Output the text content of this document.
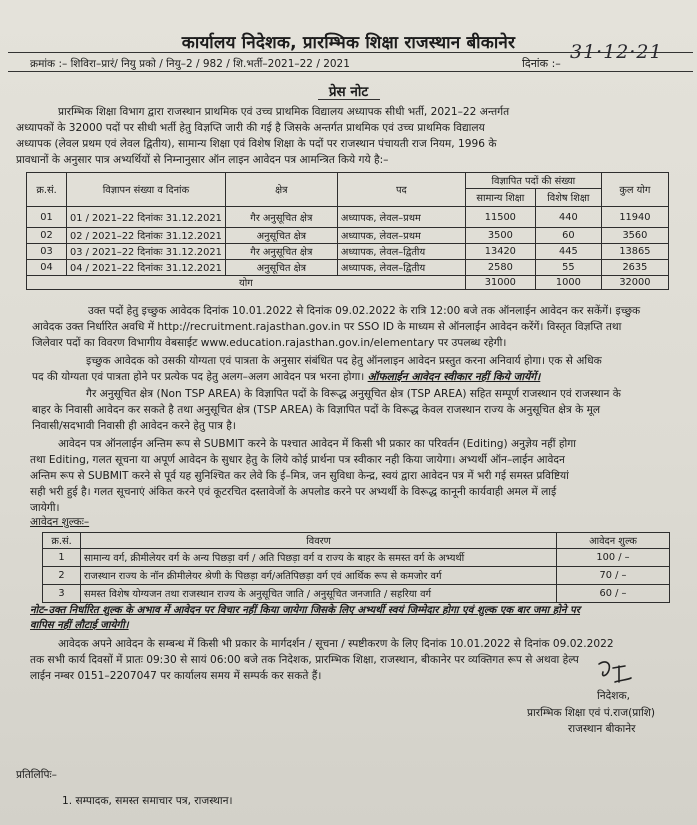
कार्यालय निदेशक, प्रारम्भिक शिक्षा राजस्थान बीकानेर
क्रमांक :– शिविरा–प्रारं/ नियु प्रको / नियु–2 / 982 / शि.भर्ती–2021–22 / 2021	दिनांक :–
31·12·21
प्रेस नोट
प्रारम्भिक शिक्षा विभाग द्वारा राजस्थान प्राथमिक एवं उच्च प्राथमिक विद्यालय अध्यापक सीधी भर्ती, 2021–22 अन्तर्गत
अध्यापकों के 32000 पदों पर सीधी भर्ती हेतु विज्ञप्ति जारी की गई है जिसके अन्तर्गत प्राथमिक एवं उच्च प्राथमिक विद्यालय
अध्यापक (लेवल प्रथम एवं लेवल द्वितीय), सामान्य शिक्षा एवं विशेष शिक्षा के पदों पर राजस्थान पंचायती राज नियम, 1996 के
प्रावधानों के अनुसार पात्र अभ्यर्थियों से निम्नानुसार ऑन लाइन आवेदन पत्र आमन्त्रित किये गये है:–
क्र.सं.	विज्ञापन संख्या व दिनांक	क्षेत्र	पद	विज्ञापित पदों की संख्या		कुल योग
				सामान्य शिक्षा	विशेष शिक्षा	
01	01 / 2021–22 दिनांकः 31.12.2021	गैर अनुसूचित क्षेत्र	अध्यापक, लेवल–प्रथम	11500	440	11940
02	02 / 2021–22 दिनांकः 31.12.2021	अनुसूचित क्षेत्र	अध्यापक, लेवल–प्रथम	3500	60	3560
03	03 / 2021–22 दिनांकः 31.12.2021	गैर अनुसूचित क्षेत्र	अध्यापक, लेवल–द्वितीय	13420	445	13865
04	04 / 2021–22 दिनांकः 31.12.2021	अनुसूचित क्षेत्र	अध्यापक, लेवल–द्वितीय	2580	55	2635
योग				31000	1000	32000
उक्त पदों हेतु इच्छुक आवेदक दिनांक 10.01.2022 से दिनांक 09.02.2022 के रात्रि 12:00 बजे तक ऑनलाईन आवेदन कर सकेंगें। इच्छुक
आवेदक उक्त निर्धारित अवधि में http://recruitment.rajasthan.gov.in पर SSO ID के माध्यम से ऑनलाईन आवेदन करेंगें। विस्तृत विज्ञप्ति तथा
जिलेवार पदों का विवरण विभागीय वेबसाईट www.education.rajasthan.gov.in/elementary पर उपलब्ध रहेगी।
इच्छुक आवेदक को उसकी योग्यता एवं पात्रता के अनुसार संबंधित पद हेतु ऑनलाइन आवेदन प्रस्तुत करना अनिवार्य होगा। एक से अधिक
पद की योग्यता एवं पात्रता होने पर प्रत्येक पद हेतु अलग–अलग आवेदन पत्र भरना होगा। ऑफलाईन आवेदन स्वीकार नहीं किये जायेंगें।
गैर अनुसूचित क्षेत्र (Non TSP AREA) के विज्ञापित पदों के विरूद्ध अनुसूचित क्षेत्र (TSP AREA) सहित सम्पूर्ण राजस्थान एवं राजस्थान के
बाहर के निवासी आवेदन कर सकते है तथा अनुसूचित क्षेत्र (TSP AREA) के विज्ञापित पदों के विरूद्ध केवल राजस्थान राज्य के अनुसूचित क्षेत्र के मूल
निवासी/सदभावी निवासी ही आवेदन करने हेतु पात्र है।
आवेदन पत्र ऑनलाईन अन्तिम रूप से SUBMIT करने के पश्चात आवेदन में किसी भी प्रकार का परिवर्तन (Editing) अनुज्ञेय नहीं होगा
तथा Editing, गलत सूचना या अपूर्ण आवेदन के सुधार हेतु के लिये कोई प्रार्थना पत्र स्वीकार नही किया जायेगा। अभ्यर्थी ऑन–लाईन आवेदन
अन्तिम रूप से SUBMIT करने से पूर्व यह सुनिश्चित कर लेवे कि ई–मित्र, जन सुविधा केन्द्र, स्वयं द्वारा आवेदन पत्र में भरी गई समस्त प्रविष्टियां
सही भरी हुई है। गलत सूचनाएं अंकित करने एवं कूटरचित दस्तावेजों के अपलोड करने पर अभ्यर्थी के विरूद्ध कानूनी कार्यवाही अमल में लाई
जायेगी।
आवेदन शुल्कः–
क्र.सं.	विवरण	आवेदन शुल्क
1	सामान्य वर्ग, क्रीमीलेयर वर्ग के अन्य पिछड़ा वर्ग / अति पिछड़ा वर्ग व राज्य के बाहर के समस्त वर्ग के अभ्यर्थी	100 / –
2	राजस्थान राज्य के नॉन क्रीमीलेयर श्रेणी के पिछड़ा वर्ग/अतिपिछड़ा वर्ग एवं आर्थिक रूप से कमजोर वर्ग	70 / –
3	समस्त विशेष योग्यजन तथा राजस्थान राज्य के अनुसूचित जाति / अनुसूचित जनजाति / सहरिया वर्ग	60 / –
नोट–उक्त निर्धारित शुल्क के अभाव में आवेदन पर विचार नहीं किया जायेगा जिसके लिए अभ्यर्थी स्वयं जिम्मेदार होगा एवं शुल्क एक बार जमा होने पर
वापिस नहीं लौटाई जायेगी।
आवेदक अपने आवेदन के सम्बन्ध में किसी भी प्रकार के मार्गदर्शन / सूचना / स्पष्टीकरण के लिए दिनांक 10.01.2022 से दिनांक 09.02.2022
तक सभी कार्य दिवसों में प्रातः 09:30 से सायं 06:00 बजे तक निदेशक, प्रारम्भिक शिक्षा, राजस्थान, बीकानेर पर व्यक्तिगत रूप से अथवा हेल्प
लाईन नम्बर 0151–2207047 पर कार्यालय समय में सम्पर्क कर सकते हैं।
निदेशक,
प्रारम्भिक शिक्षा एवं पं.राज(प्राशि)
राजस्थान बीकानेर
प्रतिलिपिः–
1. सम्पादक, समस्त समाचार पत्र, राजस्थान।
